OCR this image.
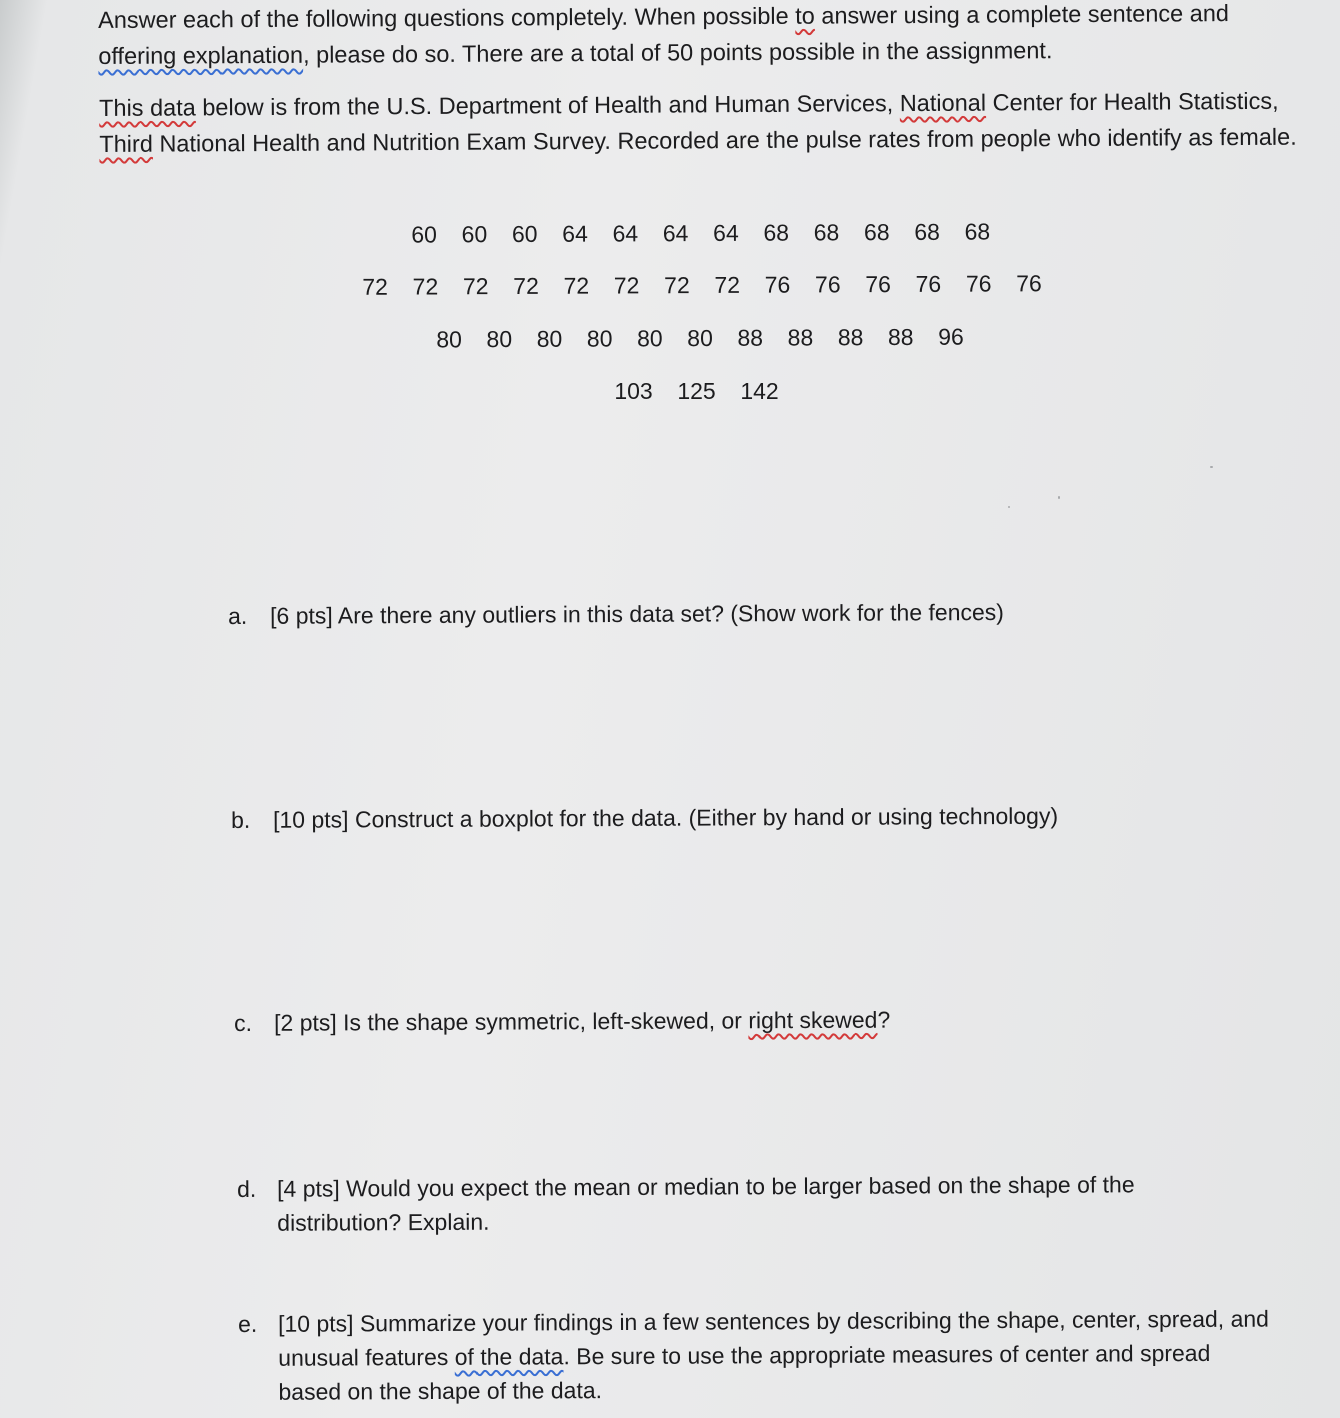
Answer each of the following questions completely. When possible to answer using a complete sentence and
offering explanation, please do so. There are a total of 50 points possible in the assignment.

This data below is from the U.S. Department of Health and Human Services, National Center for Health Statistics, Third National Health and Nutrition Exam Survey. Recorded are the pulse rates from people who identify as female.

60	60	60	64	64	64	64	68	68	68	68	68
72	72	72	72	72	72	72	72	76	76	76	76	76	76
80	80	80	80	80	80	88	88	88	88	96
103	125	142
a. [6 pts] Are there any outliers in this data set? (Show work for the fences)
b. [10 pts] Construct a boxplot for the data. (Either by hand or using technology)
c. [2 pts] Is the shape symmetric, left-skewed, or right skewed?
d. [4 pts] Would you expect the mean or median to be larger based on the shape of the distribution? Explain.
e. [10 pts] Summarize your findings in a few sentences by describing the shape, center, spread, and unusual features of the data. Be sure to use the appropriate measures of center and spread based on the shape of the data.
